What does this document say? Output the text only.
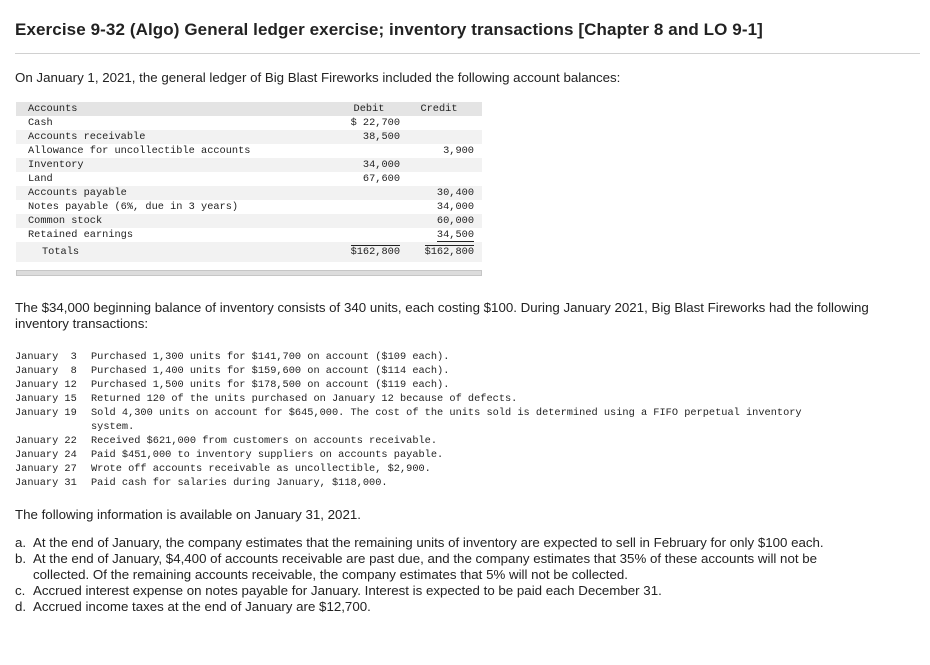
Exercise 9-32 (Algo) General ledger exercise; inventory transactions [Chapter 8 and LO 9-1]
On January 1, 2021, the general ledger of Big Blast Fireworks included the following account balances:
Accounts	Debit	Credit
Cash	$ 22,700	
Accounts receivable	38,500	
Allowance for uncollectible accounts		3,900
Inventory	34,000	
Land	67,600	
Accounts payable		30,400
Notes payable (6%, due in 3 years)		34,000
Common stock		60,000
Retained earnings		34,500
Totals	$162,800	$162,800
The $34,000 beginning balance of inventory consists of 340 units, each costing $100. During January 2021, Big Blast Fireworks had the following inventory transactions:
January  3	Purchased 1,300 units for $141,700 on account ($109 each).
January  8	Purchased 1,400 units for $159,600 on account ($114 each).
January 12	Purchased 1,500 units for $178,500 on account ($119 each).
January 15	Returned 120 of the units purchased on January 12 because of defects.
January 19	Sold 4,300 units on account for $645,000. The cost of the units sold is determined using a FIFO perpetual inventory system.
January 22	Received $621,000 from customers on accounts receivable.
January 24	Paid $451,000 to inventory suppliers on accounts payable.
January 27	Wrote off accounts receivable as uncollectible, $2,900.
January 31	Paid cash for salaries during January, $118,000.
The following information is available on January 31, 2021.
a. At the end of January, the company estimates that the remaining units of inventory are expected to sell in February for only $100 each.
b. At the end of January, $4,400 of accounts receivable are past due, and the company estimates that 35% of these accounts will not be collected. Of the remaining accounts receivable, the company estimates that 5% will not be collected.
c. Accrued interest expense on notes payable for January. Interest is expected to be paid each December 31.
d. Accrued income taxes at the end of January are $12,700.
